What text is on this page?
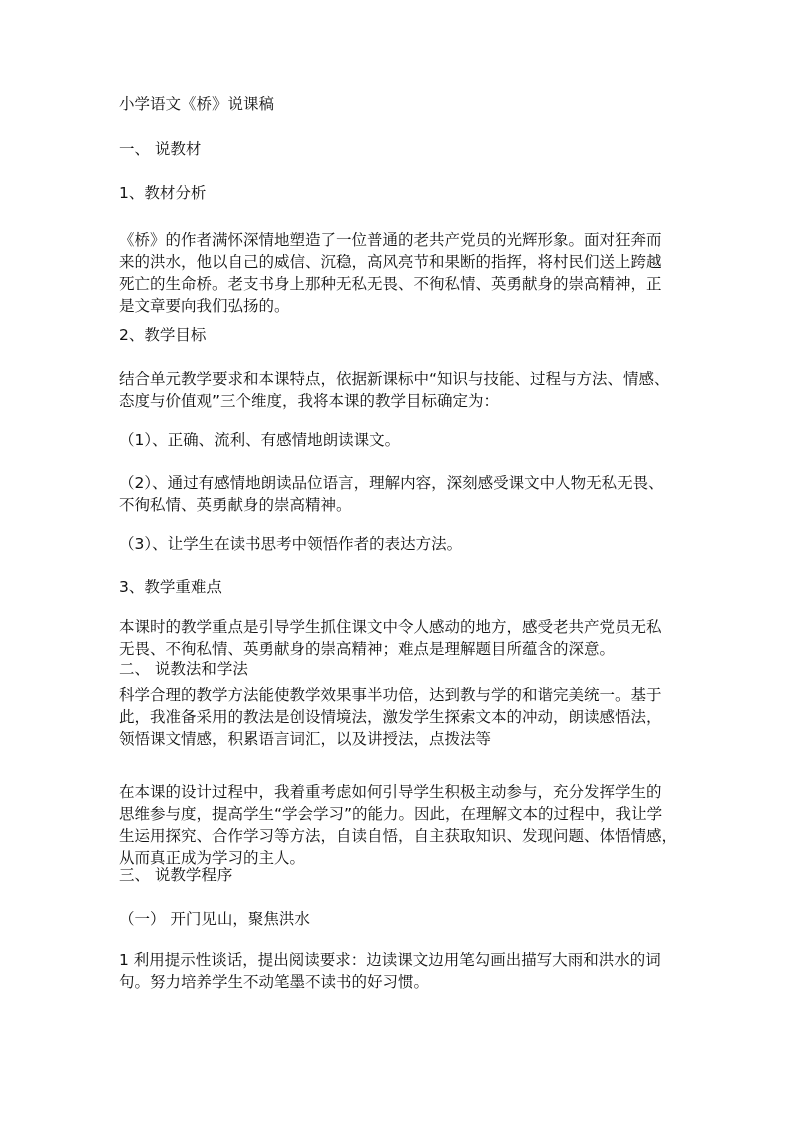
小学语文《桥》说课稿
一、 说教材
1、教材分析
《桥》的作者满怀深情地塑造了一位普通的老共产党员的光辉形象。面对狂奔而
来的洪水，他以自己的威信、沉稳，高风亮节和果断的指挥，将村民们送上跨越
死亡的生命桥。老支书身上那种无私无畏、不徇私情、英勇献身的崇高精神，正
是文章要向我们弘扬的。
2、教学目标
结合单元教学要求和本课特点，依据新课标中“知识与技能、过程与方法、情感、
态度与价值观”三个维度，我将本课的教学目标确定为：
（1）、正确、流利、有感情地朗读课文。
（2）、通过有感情地朗读品位语言，理解内容，深刻感受课文中人物无私无畏、
不徇私情、英勇献身的崇高精神。
（3）、让学生在读书思考中领悟作者的表达方法。
3、教学重难点
本课时的教学重点是引导学生抓住课文中令人感动的地方，感受老共产党员无私
无畏、不徇私情、英勇献身的崇高精神；难点是理解题目所蕴含的深意。
二、 说教法和学法
科学合理的教学方法能使教学效果事半功倍，达到教与学的和谐完美统一。基于
此，我准备采用的教法是创设情境法，激发学生探索文本的冲动，朗读感悟法，
领悟课文情感，积累语言词汇，以及讲授法，点拨法等
在本课的设计过程中，我着重考虑如何引导学生积极主动参与，充分发挥学生的
思维参与度，提高学生“学会学习”的能力。因此，在理解文本的过程中，我让学
生运用探究、合作学习等方法，自读自悟，自主获取知识、发现问题、体悟情感，
从而真正成为学习的主人。
三、 说教学程序
（一） 开门见山，聚焦洪水
1 利用提示性谈话，提出阅读要求：边读课文边用笔勾画出描写大雨和洪水的词
句。努力培养学生不动笔墨不读书的好习惯。
